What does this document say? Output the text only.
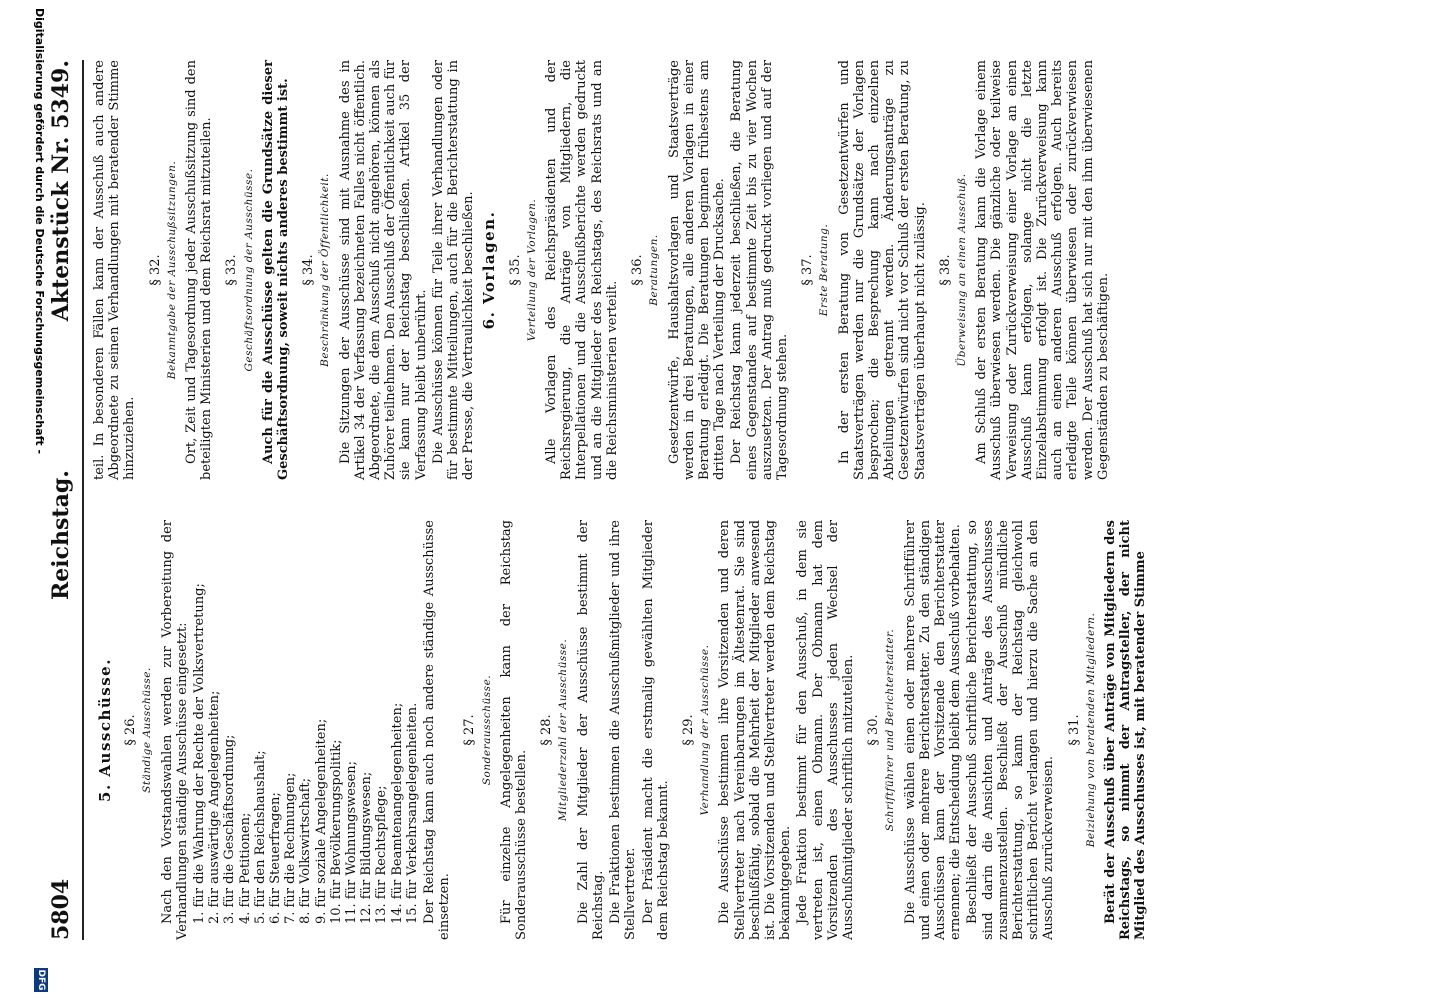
5804
Reichstag.
Aktenstück Nr. 5349.
5. Ausschüsse. § 26. Ständige Ausschüsse. Nach den Vorstandswahlen werden zur Vorbereitung der Verhandlungen ständige Ausschüsse eingesetzt: 1. für die Wahrung der Rechte der Volksvertretung; 2. für auswärtige Angelegenheiten; 3. für die Geschäftsordnung; 4. für Petitionen; 5. für den Reichshaushalt; 6. für Steuerfragen; 7. für die Rechnungen; 8. für Volkswirtschaft; 9. für soziale Angelegenheiten; 10. für Bevölkerungspolitik; 11. für Wohnungswesen; 12. für Bildungswesen; 13. für Rechtspflege; 14. für Beamtenangelegenheiten; 15. für Verkehrsangelegenheiten. Der Reichstag kann auch noch andere ständige Ausschüsse einsetzen.

§ 27. Sonderausschüsse. Für einzelne Angelegenheiten kann der Reichstag Sonderausschüsse bestellen.

§ 28. Mitgliederzahl der Ausschüsse. Die Zahl der Mitglieder der Ausschüsse bestimmt der Reichstag. Die Fraktionen bestimmen die Ausschußmitglieder und ihre Stellvertreter. Der Präsident macht die erstmalig gewählten Mitglieder dem Reichstag bekannt.

§ 29. Verhandlung der Ausschüsse. Die Ausschüsse bestimmen ihre Vorsitzenden und deren Stellvertreter nach Vereinbarungen im Ältestenrat. Sie sind beschlußfähig, sobald die Mehrheit der Mitglieder anwesend ist. Die Vorsitzenden und Stellvertreter werden dem Reichstag bekanntgegeben. Jede Fraktion bestimmt für den Ausschuß, in dem sie vertreten ist, einen Obmann. Der Obmann hat dem Vorsitzenden des Ausschusses jeden Wechsel der Ausschußmitglieder schriftlich mitzuteilen. § 30. Schriftführer und Berichterstatter. Die Ausschüsse wählen einen oder mehrere Schriftführer und einen oder mehrere Berichterstatter. Zu den ständigen Ausschüssen kann der Vorsitzende den Berichterstatter ernennen; die Entscheidung bleibt dem Ausschuß vorbehalten. Beschließt der Ausschuß schriftliche Berichterstattung, so sind darin die Ansichten und Anträge des Ausschusses zusammenzustellen. Beschließt der Ausschuß mündliche Berichterstattung, so kann der Reichstag gleichwohl schriftlichen Bericht verlangen und hierzu die Sache an den Ausschuß zurückverweisen.

§ 31. Beiziehung von beratenden Mitgliedern. Berät der Ausschuß über Anträge von Mitgliedern des Reichstags, so nimmt der Antragsteller, der nicht Mitglied des Ausschusses ist, mit beratender Stimme

teil. In besonderen Fällen kann der Ausschuß auch andere Abgeordnete zu seinen Verhandlungen mit beratender Stimme hinzuziehen.

§ 32. Bekanntgabe der Ausschußsitzungen. Ort, Zeit und Tagesordnung jeder Ausschußsitzung sind den beteiligten Ministerien und dem Reichsrat mitzuteilen. § 33. Geschäftsordnung der Ausschüsse. Auch für die Ausschüsse gelten die Grundsätze dieser Geschäftsordnung, soweit nichts anderes bestimmt ist. § 34. Beschränkung der Öffentlichkeit. Die Sitzungen der Ausschüsse sind mit Ausnahme des in Artikel 34 der Verfassung bezeichneten Falles nicht öffentlich. Abgeordnete, die dem Ausschuß nicht angehören, können als Zuhörer teilnehmen. Den Ausschluß der Öffentlichkeit auch für sie kann nur der Reichstag beschließen. Artikel 35 der Verfassung bleibt unberührt. Die Ausschüsse können für Teile ihrer Verhandlungen oder für bestimmte Mitteilungen, auch für die Berichterstattung in der Presse, die Vertraulichkeit beschließen. 6. Vorlagen. § 35. Verteilung der Vorlagen. Alle Vorlagen des Reichspräsidenten und der Reichsregierung, die Anträge von Mitgliedern, die Interpellationen und die Ausschußberichte werden gedruckt und an die Mitglieder des Reichstags, des Reichsrats und an die Reichsministerien verteilt.

§ 36. Beratungen. Gesetzentwürfe, Haushaltsvorlagen und Staatsverträge werden in drei Beratungen, alle anderen Vorlagen in einer Beratung erledigt. Die Beratungen beginnen frühestens am dritten Tage nach Verteilung der Drucksache. Der Reichstag kann jederzeit beschließen, die Beratung eines Gegenstandes auf bestimmte Zeit bis zu vier Wochen auszusetzen. Der Antrag muß gedruckt vorliegen und auf der Tagesordnung stehen.

§ 37. Erste Beratung. In der ersten Beratung von Gesetzentwürfen und Staatsverträgen werden nur die Grundsätze der Vorlagen besprochen; die Besprechung kann nach einzelnen Abteilungen getrennt werden. Änderungsanträge zu Gesetzentwürfen sind nicht vor Schluß der ersten Beratung, zu Staatsverträgen überhaupt nicht zulässig. § 38. Überweisung an einen Ausschuß. Am Schluß der ersten Beratung kann die Vorlage einem Ausschuß überwiesen werden. Die gänzliche oder teilweise Verweisung oder Zurückverweisung einer Vorlage an einen Ausschuß kann erfolgen, solange nicht die letzte Einzelabstimmung erfolgt ist. Die Zurückverweisung kann auch an einen anderen Ausschuß erfolgen. Auch bereits erledigte Teile können überwiesen oder zurückverwiesen werden. Der Ausschuß hat sich nur mit den ihm überwiesenen Gegenständen zu beschäftigen.

Digitalisierung gefördert durch die Deutsche Forschungsgemeinschaft -
DFG
